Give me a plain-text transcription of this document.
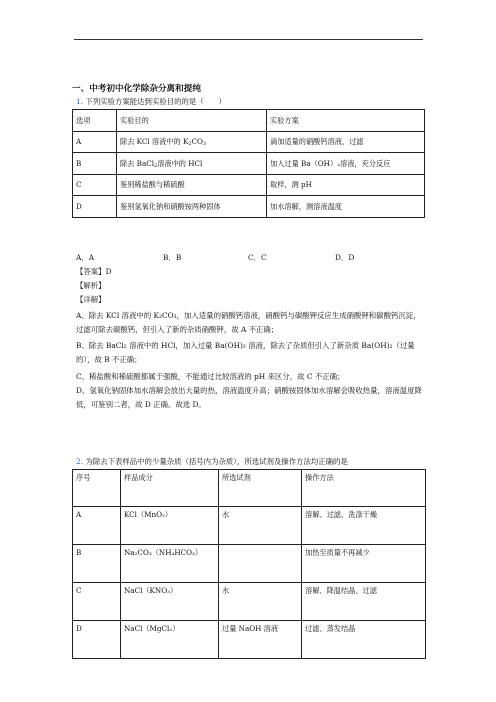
一、中考初中化学除杂分离和提纯
1. 下列实验方案能达到实验目的的是（　　）
选项	实验目的	实验方案
A	除去 KCl 溶液中的 $K_2CO_3$	滴加适量的硝酸钙溶液，过滤
B	除去 BaCl$_2$溶液中的 HCl	加入过量 Ba（OH）₂溶液，充分反应
C	鉴别稀盐酸与稀硫酸	取样，测 pH
D	鉴别氢氧化钠和硝酸铵两种固体	加水溶解，测溶液温度
A．A	B．B	C．C	D．D
【答案】D
【解析】
【详解】
A、除去 KCl 溶液中的 K₂CO₃，加入适量的硝酸钙溶液，硝酸钙与碳酸钾反应生成硝酸钾和碳酸钙沉淀，过滤可除去碳酸钙，但引入了新的杂质硝酸钾，故 A 不正确；
B、除去 BaCl₂ 溶液中的 HCl，加入过量 Ba(OH)₂ 溶液，除去了杂质但引入了新杂质 Ba(OH)₂（过量的），故 B 不正确；
C、稀盐酸和稀硫酸都属于强酸，不能通过比较溶液的 pH 来区分，故 C 不正确；
D、氢氧化钠固体加水溶解会放出大量的热，溶液温度升高；硝酸铵固体加水溶解会吸收热量，溶液温度降低，可鉴别二者，故 D 正确。故选 D。
2. 为除去下表样品中的少量杂质（括号内为杂质），所选试剂及操作方法均正确的是
序号	样品成分	所选试剂	操作方法
A	KCl（MnO₂）	水	溶解、过滤、洗涤干燥
B	Na₂CO₃（NH₄HCO₃）		加热至质量不再减少
C	NaCl（KNO₃）	水	溶解、降温结晶、过滤
D	NaCl（MgCl₂）	过量 NaOH 溶液	过滤、蒸发结晶
